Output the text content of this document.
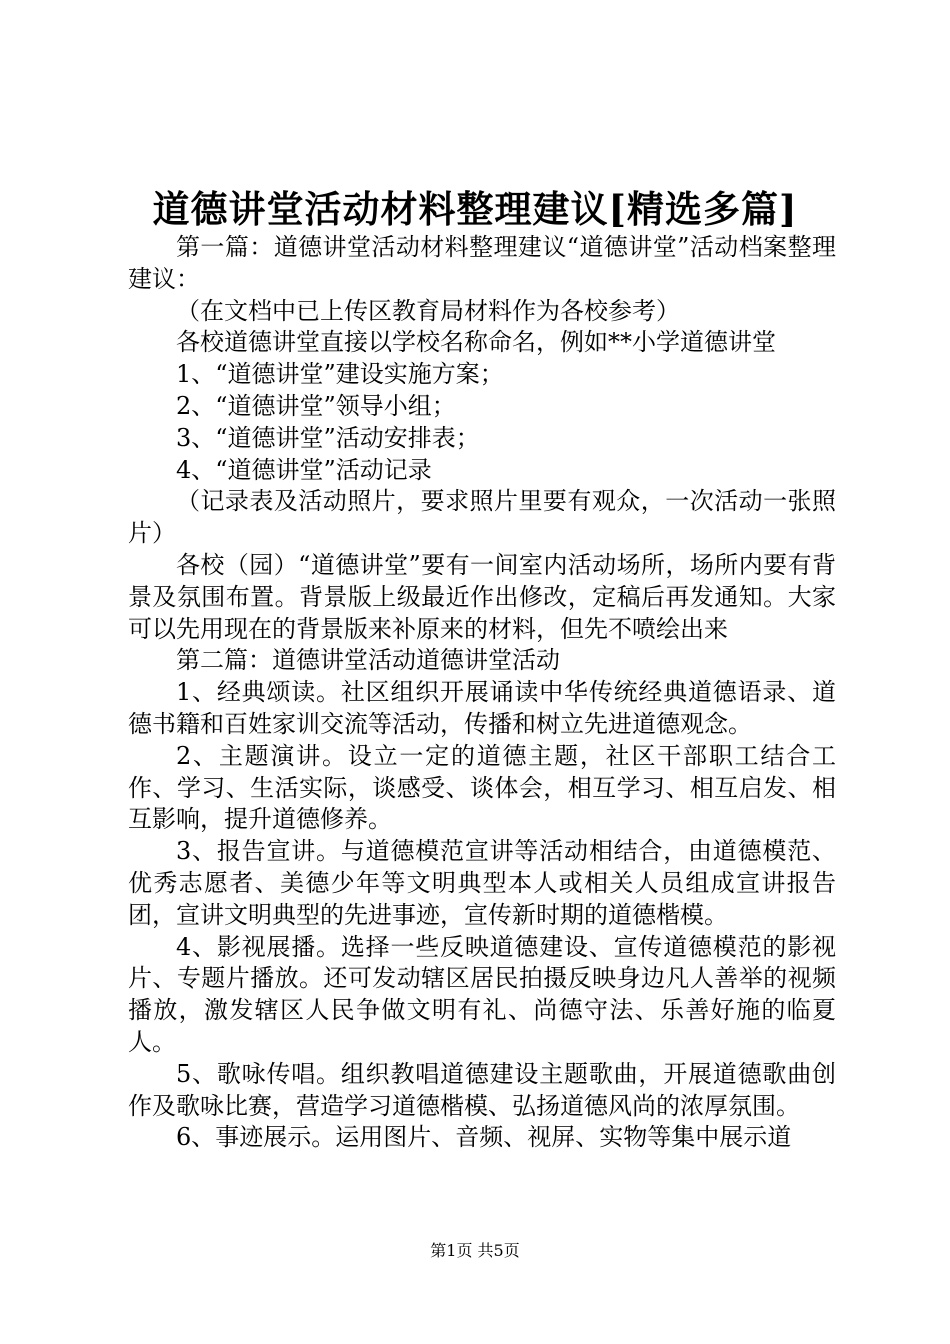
道德讲堂活动材料整理建议[精选多篇]

第一篇：道德讲堂活动材料整理建议“道德讲堂”活动档案整理建议：

（在文档中已上传区教育局材料作为各校参考）

各校道德讲堂直接以学校名称命名，例如**小学道德讲堂

1、“道德讲堂”建设实施方案；

2、“道德讲堂”领导小组；

3、“道德讲堂”活动安排表；

4、“道德讲堂”活动记录

（记录表及活动照片，要求照片里要有观众，一次活动一张照片）

各校（园）“道德讲堂”要有一间室内活动场所，场所内要有背景及氛围布置。背景版上级最近作出修改，定稿后再发通知。大家可以先用现在的背景版来补原来的材料，但先不喷绘出来

第二篇：道德讲堂活动道德讲堂活动

1、经典颂读。社区组织开展诵读中华传统经典道德语录、道德书籍和百姓家训交流等活动，传播和树立先进道德观念。

2、主题演讲。设立一定的道德主题，社区干部职工结合工作、学习、生活实际，谈感受、谈体会，相互学习、相互启发、相互影响，提升道德修养。

3、报告宣讲。与道德模范宣讲等活动相结合，由道德模范、优秀志愿者、美德少年等文明典型本人或相关人员组成宣讲报告团，宣讲文明典型的先进事迹，宣传新时期的道德楷模。

4、影视展播。选择一些反映道德建设、宣传道德模范的影视片、专题片播放。还可发动辖区居民拍摄反映身边凡人善举的视频播放，激发辖区人民争做文明有礼、尚德守法、乐善好施的临夏人。

5、歌咏传唱。组织教唱道德建设主题歌曲，开展道德歌曲创作及歌咏比赛，营造学习道德楷模、弘扬道德风尚的浓厚氛围。

6、事迹展示。运用图片、音频、视屏、实物等集中展示道

第1页 共5页
